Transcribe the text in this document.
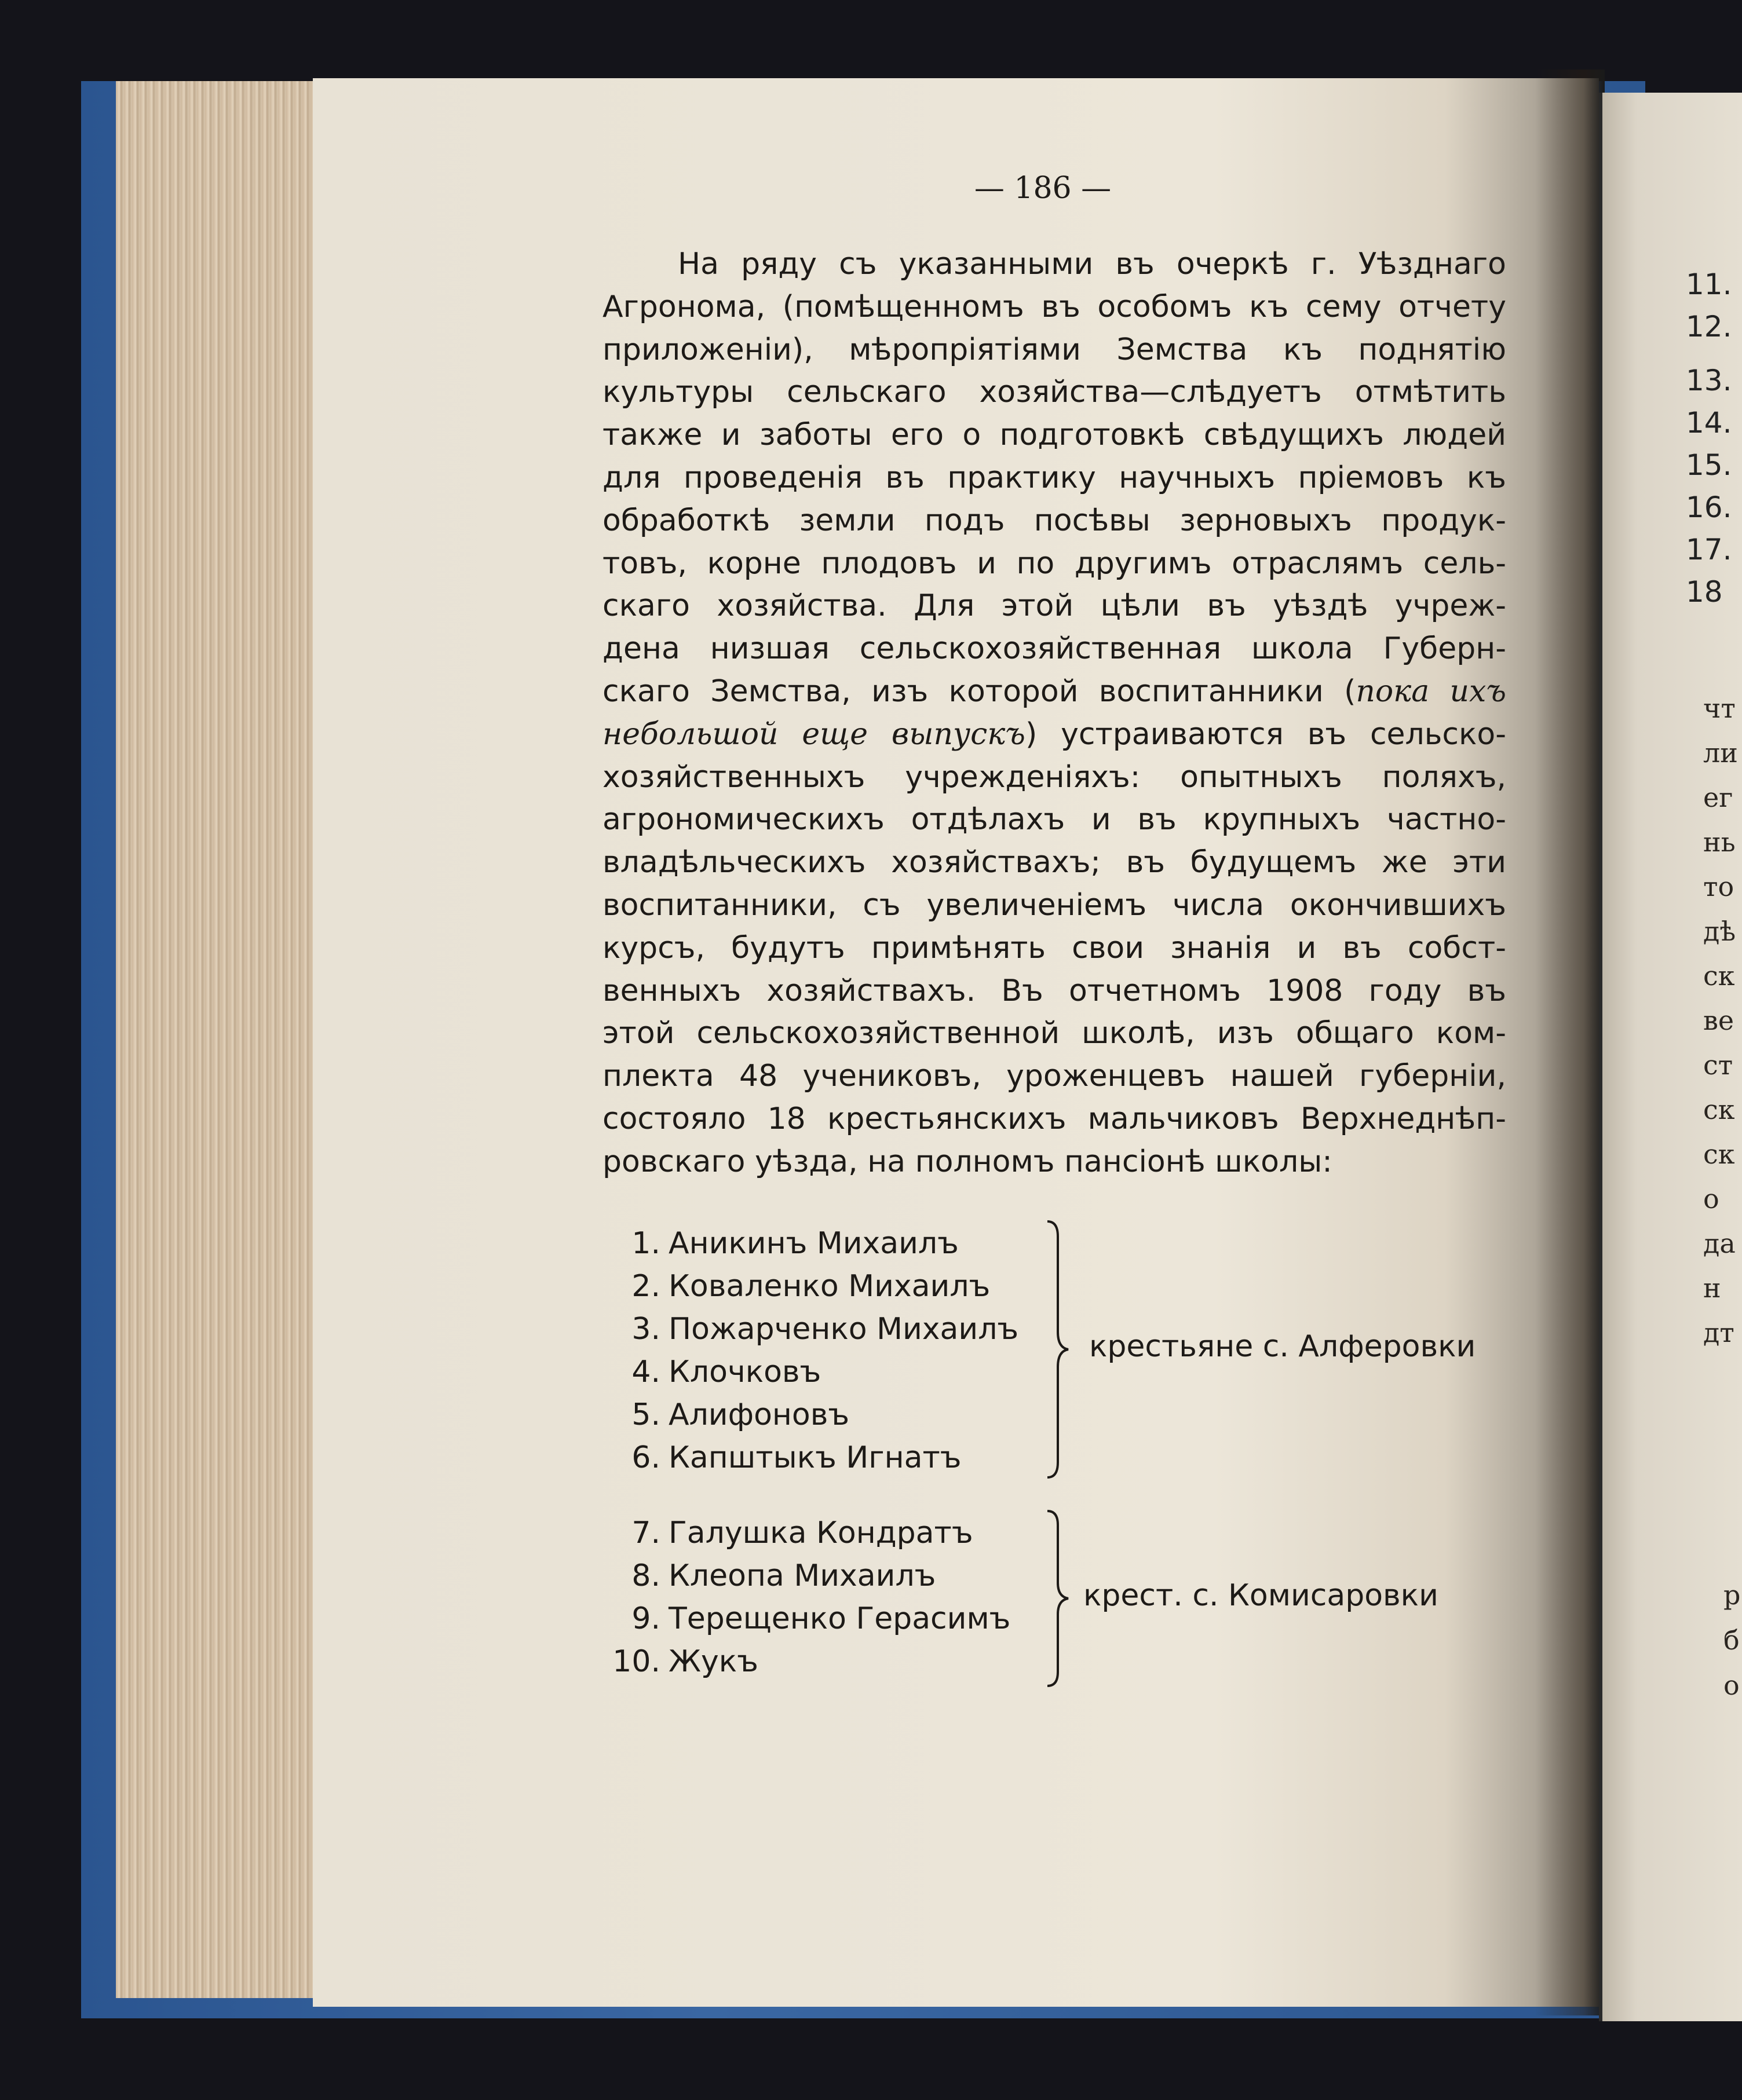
— 186 —
На ряду съ указанными въ очеркѣ г. Уѣзднаго
Агронома, (помѣщенномъ въ особомъ къ сему отчету
приложеніи), мѣропріятіями Земства къ поднятію
культуры сельскаго хозяйства—слѣдуетъ отмѣтить
также и заботы его о подготовкѣ свѣдущихъ людей
для проведенія въ практику научныхъ пріемовъ къ
обработкѣ земли подъ посѣвы зерновыхъ продук-
товъ, корне плодовъ и по другимъ отраслямъ сель-
скаго хозяйства. Для этой цѣли въ уѣздѣ учреж-
дена низшая сельскохозяйственная школа Губерн-
скаго Земства, изъ которой воспитанники (пока ихъ
небольшой еще выпускъ) устраиваются въ сельско-
хозяйственныхъ учрежденіяхъ: опытныхъ поляхъ,
агрономическихъ отдѣлахъ и въ крупныхъ частно-
владѣльческихъ хозяйствахъ; въ будущемъ же эти
воспитанники, съ увеличеніемъ числа окончившихъ
курсъ, будутъ примѣнять свои знанія и въ собст-
венныхъ хозяйствахъ. Въ отчетномъ 1908 году въ
этой сельскохозяйственной школѣ, изъ общаго ком-
плекта 48 учениковъ, уроженцевъ нашей губерніи,
состояло 18 крестьянскихъ мальчиковъ Верхнеднѣп-
ровскаго уѣзда, на полномъ пансіонѣ школы:
1. Аникинъ Михаилъ
2. Коваленко Михаилъ
3. Пожарченко Михаилъ
4. Клочковъ
5. Алифоновъ
6. Капштыкъ Игнатъ
крестьяне с. Алферовки
7. Галушка Кондратъ
8. Клеопа Михаилъ
9. Терещенко Герасимъ
10. Жукъ
крест. с. Комисаровки
11.
12.
13.
14.
15.
16.
17.
18
чт
ли
ег
нь
то
дѣ
ск
ве
ст
ск
ск
о
да
н
дт
р
б
о
